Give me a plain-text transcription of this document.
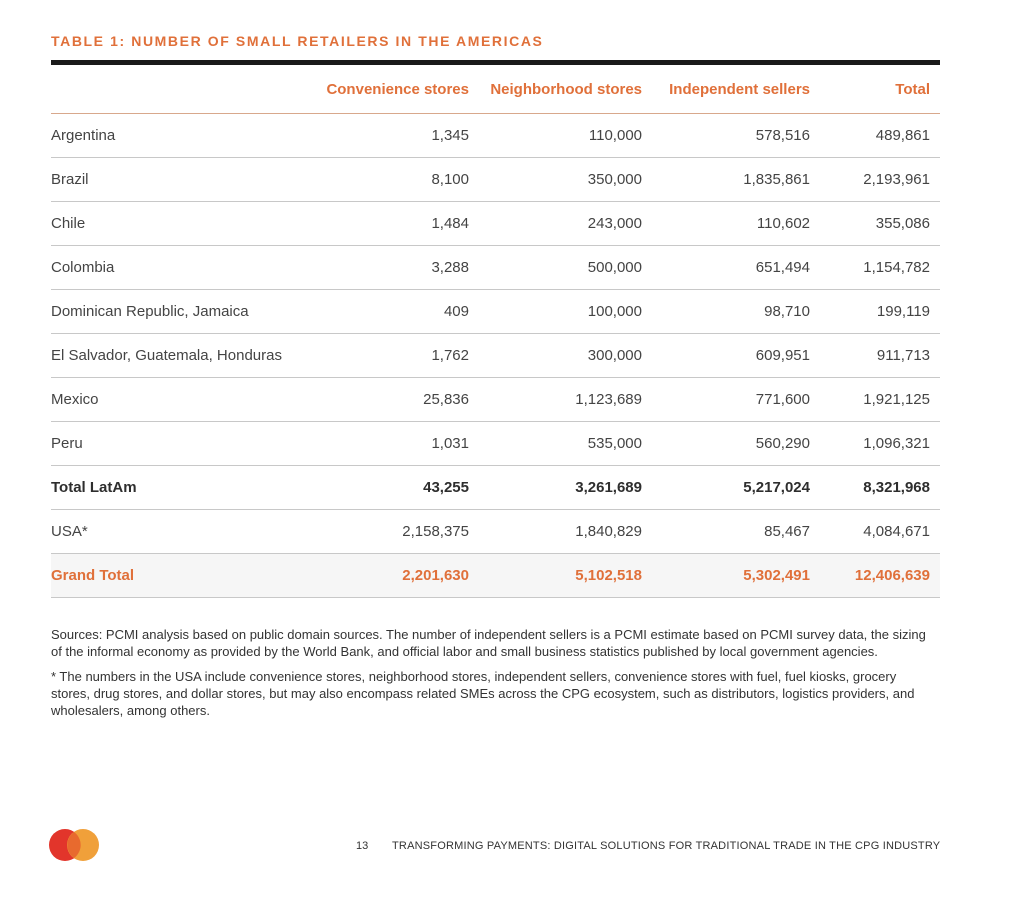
TABLE 1: NUMBER OF SMALL RETAILERS IN THE AMERICAS
	Convenience stores	Neighborhood stores	Independent sellers	Total
Argentina	1,345	110,000	578,516	489,861
Brazil	8,100	350,000	1,835,861	2,193,961
Chile	1,484	243,000	110,602	355,086
Colombia	3,288	500,000	651,494	1,154,782
Dominican Republic, Jamaica	409	100,000	98,710	199,119
El Salvador, Guatemala, Honduras	1,762	300,000	609,951	911,713
Mexico	25,836	1,123,689	771,600	1,921,125
Peru	1,031	535,000	560,290	1,096,321
Total LatAm	43,255	3,261,689	5,217,024	8,321,968
USA*	2,158,375	1,840,829	85,467	4,084,671
Grand Total	2,201,630	5,102,518	5,302,491	12,406,639

Sources: PCMI analysis based on public domain sources. The number of independent sellers is a PCMI estimate based on PCMI survey data, the sizing of the informal economy as provided by the World Bank, and official labor and small business statistics published by local government agencies.

* The numbers in the USA include convenience stores, neighborhood stores, independent sellers, convenience stores with fuel, fuel kiosks, grocery stores, drug stores, and dollar stores, but may also encompass related SMEs across the CPG ecosystem, such as distributors, logistics providers, and wholesalers, among others.

13 TRANSFORMING PAYMENTS: DIGITAL SOLUTIONS FOR TRADITIONAL TRADE IN THE CPG INDUSTRY
